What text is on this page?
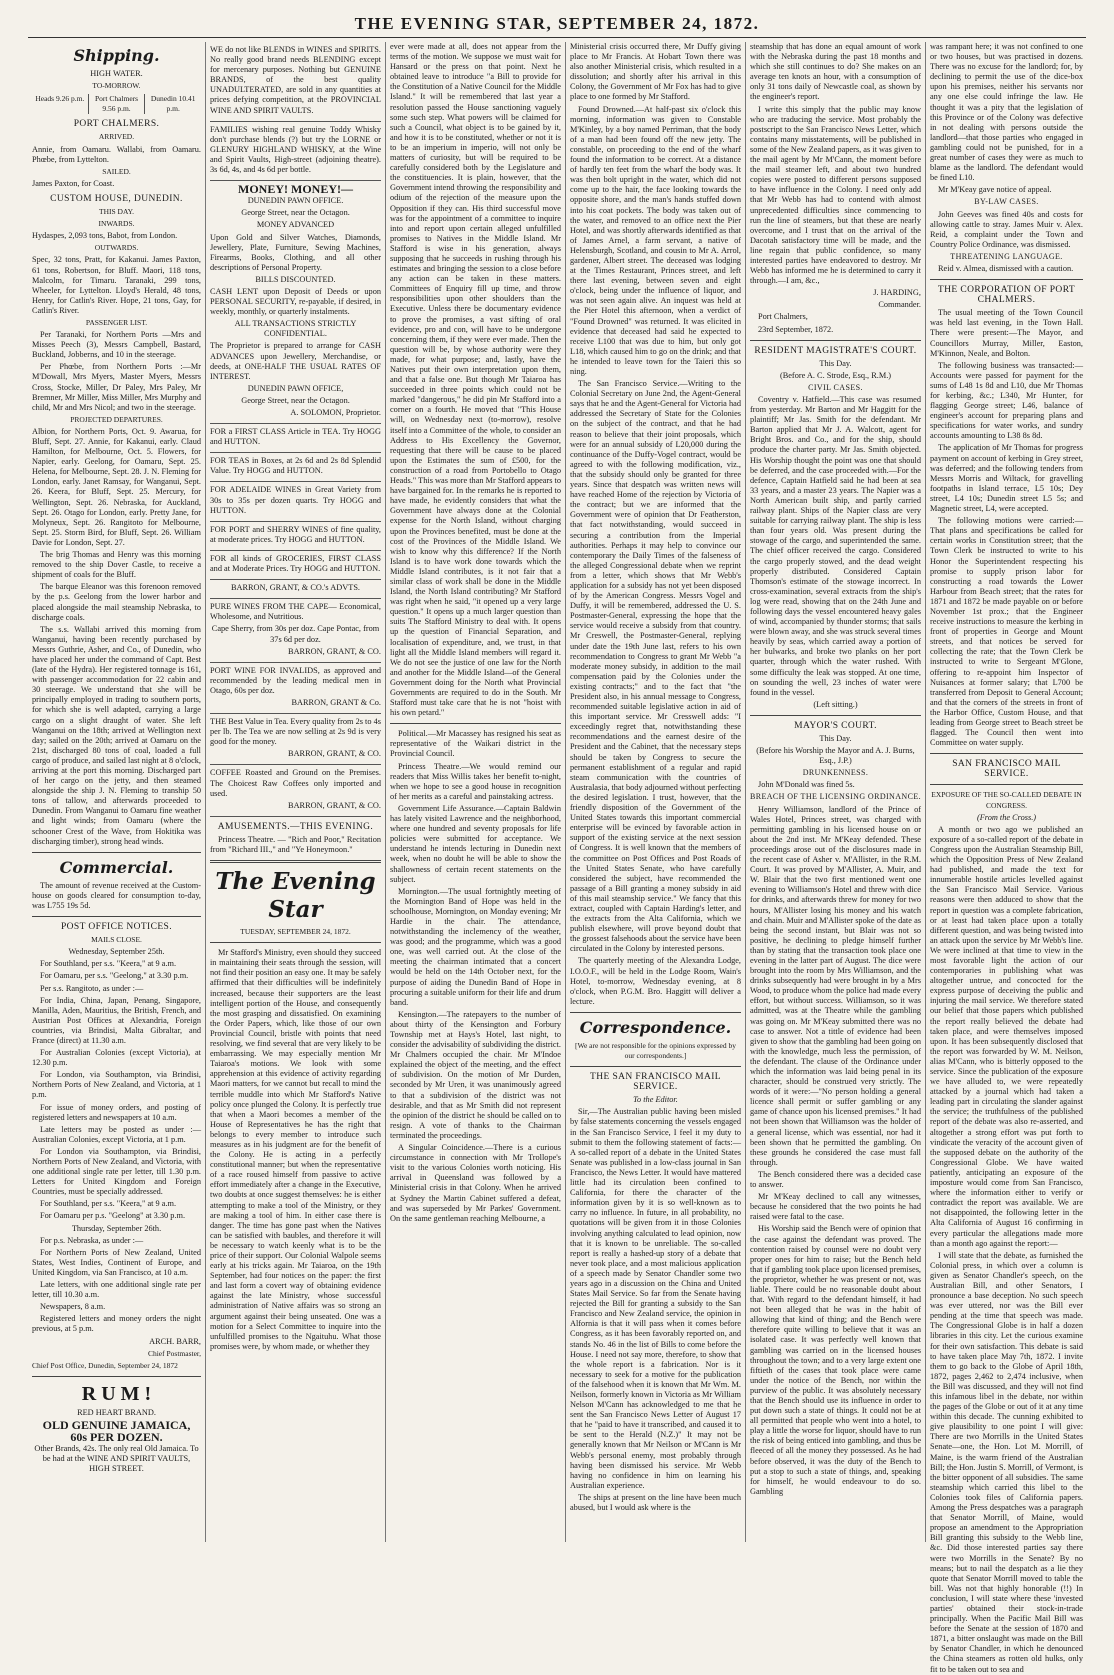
THE EVENING STAR, SEPTEMBER 24, 1872.
Shipping.

HIGH WATER.

TO-MORROW.

Heads 9.26 p.m.	Port Chalmers 9.56 p.m.
Dunedin 10.41 p.m.

PORT CHALMERS.

ARRIVED.

Annie, from Oamaru. Wallabi, from Oamaru. Phœbe, from Lyttelton.

SAILED.

James Paxton, for Coast.

CUSTOM HOUSE, DUNEDIN.

THIS DAY.

INWARDS.

Hydaspes, 2,093 tons, Babot, from London.

OUTWARDS.

Spec, 32 tons, Pratt, for Kakanui. James Paxton, 61 tons, Robertson, for Bluff. Maori, 118 tons, Malcolm, for Timaru. Taranaki, 299 tons, Wheeler, for Lyttelton. Lloyd's Herald, 48 tons, Henry, for Catlin's River. Hope, 21 tons, Gay, for Catlin's River.

PASSENGER LIST.

Per Taranaki, for Northern Ports —Mrs and Misses Peech (3), Messrs Campbell, Bastard, Buckland, Jobberns, and 10 in the steerage.

Per Phœbe, from Northern Ports :—Mr M'Dowall, Mrs Myers, Master Myers, Messrs Cross, Stocke, Miller, Dr Paley, Mrs Paley, Mr Bremner, Mr Miller, Miss Miller, Mrs Murphy and child, Mr and Mrs Nicol; and two in the steerage.

PROJECTED DEPARTURES.

Albion, for Northern Ports, Oct. 9. Awarua, for Bluff, Sept. 27. Annie, for Kakanui, early. Claud Hamilton, for Melbourne, Oct. 5. Flowers, for Napier, early. Geelong, for Oamaru, Sept. 25. Helena, for Melbourne, Sept. 28. J. N. Fleming for London, early. Janet Ramsay, for Wanganui, Sept. 26. Keera, for Bluff, Sept. 25. Mercury, for Wellington, Sept. 26. Nebraska, for Auckland, Sept. 26. Otago for London, early. Pretty Jane, for Molyneux, Sept. 26. Rangitoto for Melbourne, Sept. 25. Storm Bird, for Bluff, Sept. 26. William Davie for London, Sept. 27.

The brig Thomas and Henry was this morning removed to the ship Dover Castle, to receive a shipment of coals for the Bluff.

The barque Eleanor was this forenoon removed by the p.s. Geelong from the lower harbor and placed alongside the mail steamship Nebraska, to discharge coals.

The s.s. Wallabi arrived this morning from Wanganui, having been recently purchased by Messrs Guthrie, Asher, and Co., of Dunedin, who have placed her under the command of Capt. Best (late of the Hydra). Her registered tonnage is 161, with passenger accommodation for 22 cabin and 30 steerage. We understand that she will be principally employed in trading to southern ports, for which she is well adapted, carrying a large cargo on a slight draught of water. She left Wanganui on the 18th; arrived at Wellington next day; sailed on the 20th; arrived at Oamaru on the 21st, discharged 80 tons of coal, loaded a full cargo of produce, and sailed last night at 8 o'clock, arriving at the port this morning. Discharged part of her cargo on the jetty, and then steamed alongside the ship J. N. Fleming to tranship 50 tons of tallow, and afterwards proceeded to Dunedin. From Wanganui to Oamaru fine weather and light winds; from Oamaru (where the schooner Crest of the Wave, from Hokitika was discharging timber), strong head winds.

Commercial.

The amount of revenue received at the Custom-house on goods cleared for consumption to-day, was L755 19s 5d.

POST OFFICE NOTICES.

MAILS CLOSE.

Wednesday, September 25th.

For Southland, per s.s. "Keera," at 9 a.m.

For Oamaru, per s.s. "Geelong," at 3.30 p.m.

Per s.s. Rangitoto, as under :—

For India, China, Japan, Penang, Singapore, Manilla, Aden, Mauritius, the British, French, and Austrian Post Offices at Alexandria, Foreign countries, via Brindisi, Malta Gibraltar, and France (direct) at 11.30 a.m.

For Australian Colonies (except Victoria), at 12.30 p.m.

For London, via Southampton, via Brindisi, Northern Ports of New Zealand, and Victoria, at 1 p.m.

For issue of money orders, and posting of registered letters and newspapers at 10 a.m.

Late letters may be posted as under :— Australian Colonies, except Victoria, at 1 p.m.

For London via Southampton, via Brindisi, Northern Ports of New Zealand, and Victoria, with one additional single rate per letter, till 1.30 p.m. Letters for United Kingdom and Foreign Countries, must be specially addressed.

For Southland, per s.s. "Keera," at 9 a.m.

For Oamaru per p.s. "Geelong" at 3.30 p.m.

Thursday, September 26th.

For p.s. Nebraska, as under :—

For Northern Ports of New Zealand, United States, West Indies, Continent of Europe, and United Kingdom, via San Francisco, at 10 a.m.

Late letters, with one additional single rate per letter, till 10.30 a.m.

Newspapers, 8 a.m.

Registered letters and money orders the night previous, at 5 p.m.

ARCH. BARR,

Chief Postmaster,

Chief Post Office, Dunedin, September 24, 1872

R U M !

RED HEART BRAND.

OLD GENUINE JAMAICA,

60s PER DOZEN.

Other Brands, 42s. The only real Old Jamaica. To be had at the WINE AND SPIRIT VAULTS, HIGH STREET.

WE do not like BLENDS in WINES and SPIRITS. No really good brand needs BLENDING except for mercenary purposes. Nothing but GENUINE BRANDS, of the best quality UNADULTERATED, are sold in any quantities at prices defying competition, at the PROVINCIAL WINE AND SPIRIT VAULTS.

FAMILIES wishing real genuine Toddy Whisky don't purchase blends (?) but try the LORNE or GLENURY HIGHLAND WHISKY, at the Wine and Spirit Vaults, High-street (adjoining theatre). 3s 6d, 4s, and 4s 6d per bottle.

MONEY! MONEY!—

DUNEDIN PAWN OFFICE.

George Street, near the Octagon.

MONEY ADVANCED

Upon Gold and Silver Watches, Diamonds, Jewellery, Plate, Furniture, Sewing Machines, Firearms, Books, Clothing, and all other descriptions of Personal Property.

BILLS DISCOUNTED.

CASH LENT upon Deposit of Deeds or upon PERSONAL SECURITY, re-payable, if desired, in weekly, monthly, or quarterly instalments.

ALL TRANSACTIONS STRICTLY CONFIDENTIAL.

The Proprietor is prepared to arrange for CASH ADVANCES upon Jewellery, Merchandise, or deeds, at ONE-HALF THE USUAL RATES OF INTEREST.

DUNEDIN PAWN OFFICE,

George Street, near the Octagon.

A. SOLOMON, Proprietor.

FOR a FIRST CLASS Article in TEA. Try HOGG and HUTTON.

FOR TEAS in Boxes, at 2s 6d and 2s 8d Splendid Value. Try HOGG and HUTTON.

FOR ADELAIDE WINES in Great Variety from 30s to 35s per dozen quarts. Try HOGG and HUTTON.

FOR PORT and SHERRY WINES of fine quality, at moderate prices. Try HOGG and HUTTON.

FOR all kinds of GROCERIES, FIRST CLASS and at Moderate Prices. Try HOGG and HUTTON.

BARRON, GRANT, & CO.'s ADVTS.

PURE WINES FROM THE CAPE— Economical, Wholesome, and Nutritious.

Cape Sherry, from 30s per doz. Cape Pontac, from 37s 6d per doz.

BARRON, GRANT, & CO.

PORT WINE FOR INVALIDS, as approved and recommended by the leading medical men in Otago, 60s per doz.

BARRON, GRANT & Co.

THE Best Value in Tea. Every quality from 2s to 4s per lb. The Tea we are now selling at 2s 9d is very good for the money.

BARRON, GRANT, & CO.

COFFEE Roasted and Ground on the Premises. The Choicest Raw Coffees only imported and used.

BARRON, GRANT, & CO.

AMUSEMENTS.—THIS EVENING.

Princess Theatre. — "Rich and Poor," Recitation from "Richard III.," and "Ye Honeymoon."

The Evening Star

TUESDAY, SEPTEMBER 24, 1872.

Mr Stafford's Ministry, even should they succeed in maintaining their seats through the session, will not find their position an easy one. It may be safely affirmed that their difficulties will be indefinitely increased, because their supporters are the least intelligent portion of the House, and consequently the most grasping and dissatisfied. On examining the Order Papers, which, like those of our own Provincial Council, bristle with points that need resolving, we find several that are very likely to be embarrassing. We may especially mention Mr Taiaroa's motions. We look with some apprehension at this evidence of activity regarding Maori matters, for we cannot but recall to mind the terrible muddle into which Mr Stafford's Native policy once plunged the Colony. It is perfectly true that when a Maori becomes a member of the House of Representatives he has the right that belongs to every member to introduce such measures as in his judgment are for the benefit of the Colony. He is acting in a perfectly constitutional manner; but when the representative of a race roused himself from passive to active effort immediately after a change in the Executive, two doubts at once suggest themselves: he is either attempting to make a tool of the Ministry, or they are making a tool of him. In either case there is danger. The time has gone past when the Natives can be satisfied with baubles, and therefore it will be necessary to watch keenly what is to be the price of their support. Our Colonial Walpole seems early at his tricks again. Mr Taiaroa, on the 19th September, had four notices on the paper: the first and last form a covert way of obtaining evidence against the late Ministry, whose successful administration of Native affairs was so strong an argument against their being unseated. One was a motion for a Select Committee to inquire into the unfulfilled promises to the Ngaituhu. What those promises were, by whom made, or whether they

ever were made at all, does not appear from the terms of the motion. We suppose we must wait for Hansard or the press on that point. Next he obtained leave to introduce "a Bill to provide for the Constitution of a Native Council for the Middle Island." It will be remembered that last year a resolution passed the House sanctioning vaguely some such step. What powers will be claimed for such a Council, what object is to be gained by it, and how it is to be constituted, whether or not it is to be an imperium in imperio, will not only be matters of curiosity, but will be required to be carefully considered both by the Legislature and the constituencies. It is plain, however, that the Government intend throwing the responsibility and odium of the rejection of the measure upon the Opposition if they can. His third successful move was for the appointment of a committee to inquire into and report upon certain alleged unfulfilled promises to Natives in the Middle Island. Mr Stafford is wise in his generation, always supposing that he succeeds in rushing through his estimates and bringing the session to a close before any action can be taken in these matters. Committees of Enquiry fill up time, and throw responsibilities upon other shoulders than the Executive. Unless there be documentary evidence to prove the promises, a vast sifting of oral evidence, pro and con, will have to be undergone concerning them, if they were ever made. Then the question will be, by whose authority were they made, for what purpose; and, lastly, have the Natives put their own interpretation upon them, and that a false one. But though Mr Taiaroa has succeeded in three points which could not be marked "dangerous," he did pin Mr Stafford into a corner on a fourth. He moved that "This House will, on Wednesday next (to-morrow), resolve itself into a Committee of the whole, to consider an Address to His Excellency the Governor, requesting that there will be cause to be placed upon the Estimates the sum of £500, for the construction of a road from Portobello to Otago Heads." This was more than Mr Stafford appears to have bargained for. In the remarks he is reported to have made, he evidently considers that what the Government have always done at the Colonial expense for the North Island, without charging upon the Provinces benefited, must be done at the cost of the Provinces of the Middle Island. We wish to know why this difference? If the North Island is to have work done towards which the Middle Island contributes, is it not fair that a similar class of work shall be done in the Middle Island, the North Island contributing? Mr Stafford was right when he said, "it opened up a very large question." It opens up a much larger question than suits The Stafford Ministry to deal with. It opens up the question of Financial Separation, and localisation of expenditure, and, we trust, in that light all the Middle Island members will regard it. We do not see the justice of one law for the North and another for the Middle Island—of the General Government doing for the North what Provincial Governments are required to do in the South. Mr Stafford must take care that he is not "hoist with his own petard."

Political.—Mr Macassey has resigned his seat as representative of the Waikari district in the Provincial Council.

Princess Theatre.—We would remind our readers that Miss Willis takes her benefit to-night, when we hope to see a good house in recognition of her merits as a careful and painstaking actress.

Government Life Assurance.—Captain Baldwin has lately visited Lawrence and the neighborhood, where one hundred and seventy proposals for life policies were submitted for acceptance. We understand he intends lecturing in Dunedin next week, when no doubt he will be able to show the shallowness of certain recent statements on the subject.

Mornington.—The usual fortnightly meeting of the Mornington Band of Hope was held in the schoolhouse, Mornington, on Monday evening; Mr Hardie in the chair. The attendance, notwithstanding the inclemency of the weather, was good; and the programme, which was a good one, was well carried out. At the close of the meeting the chairman intimated that a concert would be held on the 14th October next, for the purpose of aiding the Dunedin Band of Hope in procuring a suitable uniform for their life and drum band.

Kensington.—The ratepayers to the number of about thirty of the Kensington and Forbury Township met at Hays's Hotel, last night, to consider the advisability of subdividing the district. Mr Chalmers occupied the chair. Mr M'Indoe explained the object of the meeting, and the effect of subdivision. On the motion of Mr Durden, seconded by Mr Uren, it was unanimously agreed to that a subdivision of the district was not desirable, and that as Mr Smith did not represent the opinion of the district he should be called on to resign. A vote of thanks to the Chairman terminated the proceedings.

A Singular Coincidence.—There is a curious circumstance in connection with Mr Trollope's visit to the various Colonies worth noticing. His arrival in Queensland was followed by a Ministerial crisis in that Colony. When he arrived at Sydney the Martin Cabinet suffered a defeat, and was superseded by Mr Parkes' Government. On the same gentleman reaching Melbourne, a

Ministerial crisis occurred there, Mr Duffy giving place to Mr Francis. At Hobart Town there was also another Ministerial crisis, which resulted in a dissolution; and shortly after his arrival in this Colony, the Government of Mr Fox has had to give place to one formed by Mr Stafford.

Found Drowned.—At half-past six o'clock this morning, information was given to Constable M'Kinley, by a boy named Perriman, that the body of a man had been found off the new jetty. The constable, on proceeding to the end of the wharf found the information to be correct. At a distance of hardly ten feet from the wharf the body was. It was then bolt upright in the water, which did not come up to the hair, the face looking towards the opposite shore, and the man's hands stuffed down into his coat pockets. The body was taken out of the water, and removed to an office next the Pier Hotel, and was shortly afterwards identified as that of James Arnel, a farm servant, a native of Helensburgh, Scotland, and cousin to Mr A. Arrol, gardener, Albert street. The deceased was lodging at the Times Restaurant, Princes street, and left there last evening, between seven and eight o'clock, being under the influence of liquor, and was not seen again alive. An inquest was held at the Pier Hotel this afternoon, when a verdict of "Found Drowned" was returned. It was elicited in evidence that deceased had said he expected to receive L100 that was due to him, but only got L18, which caused him to go on the drink; and that he intended to leave town for the Taieri this so ning.

The San Francisco Service.—Writing to the Colonial Secretary on June 2nd, the Agent-General says that he and the Agent-General for Victoria had addressed the Secretary of State for the Colonies on the subject of the contract, and that he had reason to believe that their joint proposals, which were for an annual subsidy of L20,000 during the continuance of the Duffy-Vogel contract, would be agreed to with the following modification, viz., that the subsidy should only be granted for three years. Since that despatch was written news will have reached Home of the rejection by Victoria of the contract; but we are informed that the Government were of opinion that Dr Featherston, that fact notwithstanding, would succeed in securing a contribution from the Imperial authorities. Perhaps it may help to convince our contemporary the Daily Times of the falseness of the alleged Congressional debate when we reprint from a letter, which shows that Mr Webb's application for a subsidy has not yet been disposed of by the American Congress. Messrs Vogel and Duffy, it will be remembered, addressed the U. S. Postmaster-General, expressing the hope that the service would receive a subsidy from that country. Mr Creswell, the Postmaster-General, replying under date the 19th June last, refers to his own recommendation to Congress to grant Mr Webb "a moderate money subsidy, in addition to the mail compensation paid by the Colonies under the existing contracts;" and to the fact that "the President also, in his annual message to Congress, recommended suitable legislative action in aid of this important service. Mr Cresswell adds: "I exceedingly regret that, notwithstanding these recommendations and the earnest desire of the President and the Cabinet, that the necessary steps should be taken by Congress to secure the permanent establishment of a regular and rapid steam communication with the countries of Australasia, that body adjourned without perfecting the desired legislation. I trust, however, that the friendly disposition of the Government of the United States towards this important commercial enterprise will be evinced by favorable action in support of the existing service at the next session of Congress. It is well known that the members of the committee on Post Offices and Post Roads of the United States Senate, who have carefully considered the subject, have recommended the passage of a Bill granting a money subsidy in aid of this mail steamship service." We fancy that this extract, coupled with Captain Harding's letter, and the extracts from the Alta California, which we publish elsewhere, will prove beyond doubt that the grossest falsehoods about the service have been circulated in the Colony by interested persons.

The quarterly meeting of the Alexandra Lodge, I.O.O.F., will be held in the Lodge Room, Wain's Hotel, to-morrow, Wednesday evening, at 8 o'clock, when P.G.M. Bro. Haggitt will deliver a lecture.

Correspondence.

[We are not responsible for the opinions expressed by our correspondents.]

THE SAN FRANCISCO MAIL SERVICE.

To the Editor.

Sir,—The Australian public having been misled by false statements concerning the vessels engaged in the San Francisco Service, I feel it my duty to submit to them the following statement of facts:—A so-called report of a debate in the United States Senate was published in a low-class journal in San Francisco, the News Letter. It would have mattered little had its circulation been confined to California, for there the character of the information given by it is so well-known as to carry no influence. In future, in all probability, no quotations will be given from it in those Colonies involving anything calculated to lead opinion, now that it is known to be unreliable. The so-called report is really a hashed-up story of a debate that never took place, and a most malicious application of a speech made by Senator Chandler some two years ago in a discussion on the China and United States Mail Service. So far from the Senate having rejected the Bill for granting a subsidy to the San Francisco and New Zealand service, the opinion in Alfornia is that it will pass when it comes before Congress, as it has been favorably reported on, and stands No. 46 in the list of Bills to come before the House. I need not say more, therefore, to show that the whole report is a fabrication. Nor is it necessary to seek for a motive for the publication of the falsehood when it is known that Mr Wm. M. Neilson, formerly known in Victoria as Mr William Nelson M'Cann has acknowledged to me that he sent the San Francisco News Letter of August 17 that he "paid to have it transcribed, and caused it to be sent to the Herald (N.Z.)" It may not be generally known that Mr Neilson or M'Cann is Mr Webb's personal enemy, most probably through having been dismissed his service. Mr Webb having no confidence in him on learning his Australian experience.

The ships at present on the line have been much abused, but I would ask where is the

steamship that has done an equal amount of work with the Nebraska during the past 18 months and which she still continues to do? She makes on an average ten knots an hour, with a consumption of only 31 tons daily of Newcastle coal, as shown by the engineer's report.

I write this simply that the public may know who are traducing the service. Most probably the postscript to the San Francisco News Letter, which contains many misstatements, will be published in some of the New Zealand papers, as it was given to the mail agent by Mr M'Cann, the moment before the mail steamer left, and about two hundred copies were posted to different persons supposed to have influence in the Colony. I need only add that Mr Webb has had to contend with almost unprecedented difficulties since commencing to run the line of steamers, but that these are nearly overcome, and I trust that on the arrival of the Dacotah satisfactory time will be made, and the line regain that public confidence, so many interested parties have endeavored to destroy. Mr Webb has informed me he is determined to carry it through.—I am, &c.,

J. HARDING,

Commander.

Port Chalmers,

23rd September, 1872.

RESIDENT MAGISTRATE'S COURT.

This Day.

(Before A. C. Strode, Esq., R.M.)

CIVIL CASES.

Coventry v. Hatfield.—This case was resumed from yesterday. Mr Barton and Mr Haggitt for the plaintiff; Mr Jas. Smith for the defendant. Mr Barton applied that Mr J. A. Walcott, agent for Bright Bros. and Co., and for the ship, should produce the charter party. Mr Jas. Smith objected. His Worship thought the point was one that should be deferred, and the case proceeded with.—For the defence, Captain Hatfield said he had been at sea 33 years, and a master 23 years. The Napier was a North American built ship, and partly carried railway plant. Ships of the Napier class are very suitable for carrying railway plant. The ship is less than four years old. Was present during the stowage of the cargo, and superintended the same. The chief officer received the cargo. Considered the cargo properly stowed, and the dead weight properly distributed. Considered Captain Thomson's estimate of the stowage incorrect. In cross-examination, several extracts from the ship's log were read, showing that on the 24th June and following days the vessel encountered heavy gales of wind, accompanied by thunder storms; that sails were blown away, and she was struck several times heavily by seas, which carried away a portion of her bulwarks, and broke two planks on her port quarter, through which the water rushed. With some difficulty the leak was stopped. At one time, on sounding the well, 23 inches of water were found in the vessel.

(Left sitting.)

MAYOR'S COURT.

This Day.

(Before his Worship the Mayor and A. J. Burns, Esq., J.P.)

DRUNKENNESS.

John M'Donald was fined 5s.

BREACH OF THE LICENSING ORDINANCE.

Henry Williamson, landlord of the Prince of Wales Hotel, Princes street, was charged with permitting gambling in his licensed house on or about the 2nd inst. Mr M'Keay defended. These proceedings arose out of the disclosures made in the recent case of Asher v. M'Allister, in the R.M. Court. It was proved by M'Allister, A. Muir, and W. Blair that the two first mentioned went one evening to Williamson's Hotel and threw with dice for drinks, and afterwards threw for money for two hours, M'Allister losing his money and his watch and chain. Muir and M'Allister spoke of the date as being the second instant, but Blair was not so positive, he declining to pledge himself further than by stating that the transaction took place one evening in the latter part of August. The dice were brought into the room by Mrs Williamson, and the drinks subsequently had were brought in by a Mrs Wood, to produce whom the police had made every effort, but without success. Williamson, so it was admitted, was at the Theatre while the gambling was going on. Mr M'Keay submitted there was no case to answer. Not a tittle of evidence had been given to show that the gambling had been going on with the knowledge, much less the permission, of the defendant. The clause of the Ordinance under which the information was laid being penal in its character, should be construed very strictly. The words of it were:—"No person holding a general licence shall permit or suffer gambling or any game of chance upon his licensed premises." It had not been shown that Williamson was the holder of a general license, which was essential, nor had it been shown that he permitted the gambling. On these grounds he considered the case must fall through.

The Bench considered there was a decided case to answer.

Mr M'Keay declined to call any witnesses, because he considered that the two points he had raised were fatal to the case.

His Worship said the Bench were of opinion that the case against the defendant was proved. The contention raised by counsel were no doubt very proper ones for him to raise; but the Bench held that if gambling took place upon licensed premises, the proprietor, whether he was present or not, was liable. There could be no reasonable doubt about that. With regard to the defendant himself, it had not been alleged that he was in the habit of allowing that kind of thing; and the Bench were therefore quite willing to believe that it was an isolated case. It was perfectly well known that gambling was carried on in the licensed houses throughout the town; and to a very large extent one fiftieth of the cases that took place were came under the notice of the Bench, nor within the purview of the public. It was absolutely necessary that the Bench should use its influence in order to put down such a state of things. It could not be at all permitted that people who went into a hotel, to play a little the worse for liquor, should have to run the risk of being enticed into gambling, and thus be fleeced of all the money they possessed. As he had before observed, it was the duty of the Bench to put a stop to such a state of things, and, speaking for himself, he would endeavour to do so. Gambling

was rampant here; it was not confined to one or two houses, but was practised in dozens. There was no excuse for the landlord; for, by declining to permit the use of the dice-box upon his premises, neither his servants nor any one else could infringe the law. He thought it was a pity that the legislation of this Province or of the Colony was defective in not dealing with persons outside the landlord—that those parties who engaged in gambling could not be punished, for in a great number of cases they were as much to blame as the landlord. The defendant would be fined L10.

Mr M'Keay gave notice of appeal.

BY-LAW CASES.

John Geeves was fined 40s and costs for allowing cattle to stray. James Muir v. Alex. Reid, a complaint under the Town and Country Police Ordinance, was dismissed.

THREATENING LANGUAGE.

Reid v. Almea, dismissed with a caution.

THE CORPORATION OF PORT CHALMERS.

The usual meeting of the Town Council was held last evening, in the Town Hall. There were present:—The Mayor, and Councillors Murray, Miller, Easton, M'Kinnon, Neale, and Bolton.

The following business was transacted:—Accounts were passed for payment for the sums of L48 1s 8d and L10, due Mr Thomas for kerbing, &c.; L340, Mr Hunter, for flagging George street; L46, balance of engineer's account for preparing plans and specifications for water works, and sundry accounts amounting to L38 8s 8d.

The application of Mr Thomas for progress payment on account of kerbing in Grey street, was deferred; and the following tenders from Messrs Morris and Wiltack, for gravelling footpaths in Island terrace, L5 10s; Dey street, L4 10s; Dunedin street L5 5s; and Magnetic street, L4, were accepted.

The following motions were carried:—That plans and specifications be called for certain works in Constitution street; that the Town Clerk be instructed to write to his Honor the Superintendent respecting his promise to supply prison labor for constructing a road towards the Lower Harbour from Beach street; that the rates for 1871 and 1872 be made payable on or before November 1st prox.; that the Engineer receive instructions to measure the kerbing in front of properties in George and Mount streets, and that notices be served for collecting the rate; that the Town Clerk be instructed to write to Sergeant M'Glone, offering to re-appoint him Inspector of Nuisances at former salary; that L700 be transferred from Deposit to General Account; and that the corners of the streets in front of the Harbor Office, Custom House, and that leading from George street to Beach street be flagged. The Council then went into Committee on water supply.

SAN FRANCISCO MAIL SERVICE.

EXPOSURE OF THE SO-CALLED DEBATE IN CONGRESS.

(From the Cross.)

A month or two ago we published an exposure of a so-called report of the debate in Congress upon the Australian Steamship Bill, which the Opposition Press of New Zealand had published, and made the text for innumerable hostile articles levelled against the San Francisco Mail Service. Various reasons were then adduced to show that the report in question was a complete fabrication, or at least had taken place upon a totally different question, and was being twisted into an attack upon the service by Mr Webb's line. We were inclined at that time to view in the most favorable light the action of our contemporaries in publishing what was altogether untrue, and concocted for the express purpose of deceiving the public and injuring the mail service. We therefore stated our belief that those papers which published the report really believed the debate had taken place, and were themselves imposed upon. It has been subsequently disclosed that the report was forwarded by W. M. Neilson, alias M'Cann, who is bitterly opposed to the service. Since the publication of the exposure we have alluded to, we were repeatedly attacked by a journal which had taken a leading part in circulating the slander against the service; the truthfulness of the published report of the debate was also re-asserted, and altogether a strong effort was put forth to vindicate the veracity of the account given of the supposed debate on the authority of the Congressional Globe. We have waited patiently, anticipating an exposure of the imposture would come from San Francisco, where the information either to verify or contradict the report was available. We are not disappointed, the following letter in the Alta California of August 16 confirming in every particular the allegations made more than a month ago against the report:—

I will state that the debate, as furnished the Colonial press, in which over a column is given as Senator Chandler's speech, on the Australian Bill, and other Senators, I pronounce a base deception. No such speech was ever uttered, nor was the Bill ever pending at the time that speech was made. The Congressional Globe is in half a dozen libraries in this city. Let the curious examine for their own satisfaction. This debate is said to have taken place May 7th, 1872. I invite them to go back to the Globe of April 18th, 1872, pages 2,462 to 2,474 inclusive, when the Bill was discussed, and they will not find this infamous libel in the debate, nor within the pages of the Globe or out of it at any time within this decade. The cunning exhibited to give plausibility to one point I will give: There are two Morrills in the United States Senate—one, the Hon. Lot M. Morrill, of Maine, is the warm friend of the Australian Bill; the Hon. Justin S. Morrill, of Vermont, is the bitter opponent of all subsidies. The same steamship which carried this libel to the Colonies took files of California papers. Among the Press despatches was a paragraph that Senator Morrill, of Maine, would propose an amendment to the Appropriation Bill granting this subsidy to the Webb line, &c. Did those interested parties say there were two Morrills in the Senate? By no means; but to nail the despatch as a lie they quote that Senator Morrill moved to table the bill. Was not that highly honorable (!!) In conclusion, I will state where these 'invested parties' obtained their stock-in-trade principally. When the Pacific Mail Bill was before the Senate at the session of 1870 and 1871, a bitter onslaught was made on the Bill by Senator Chandler, in which he denounced the China steamers as rotten old hulks, only fit to be taken out to sea and
